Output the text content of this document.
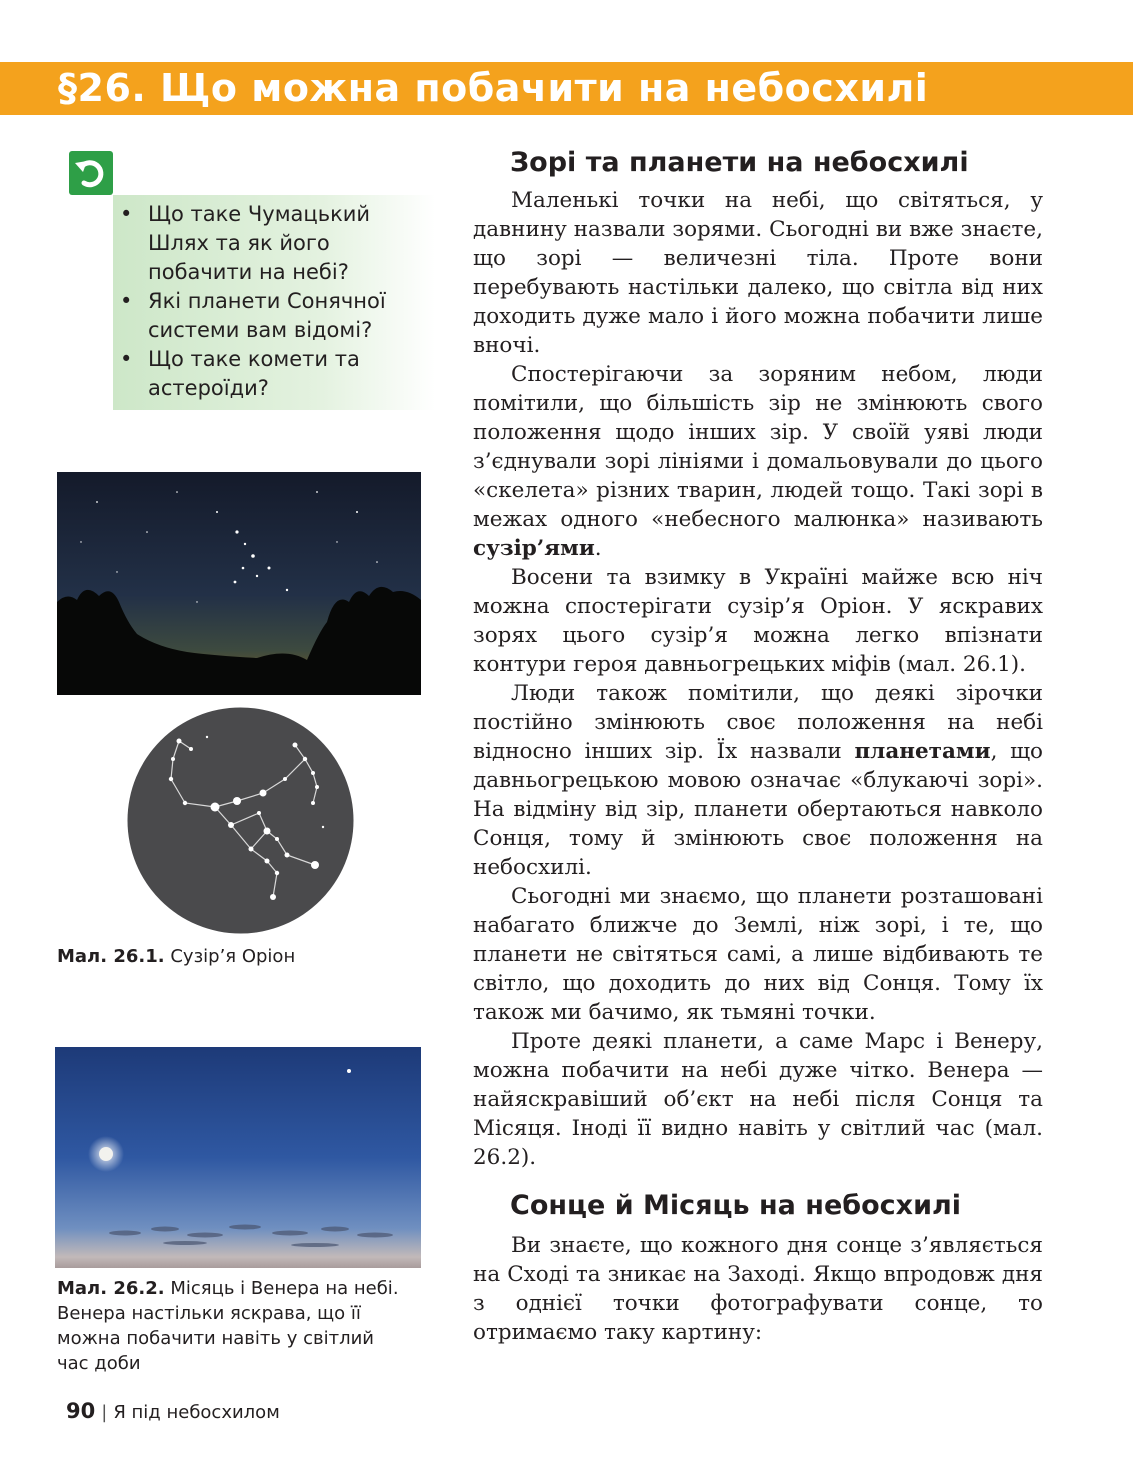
§26. Що можна побачити на небосхилі
• Що таке Чумацький Шлях та як його побачити на небі?
• Які планети Сонячної системи вам відомі?
• Що таке комети та астероїди?
Мал. 26.1. Сузір’я Оріон
Мал. 26.2. Місяць і Венера на небі. Венера настільки яскрава, що її можна побачити навіть у світлий час доби
Зорі та планети на небосхилі

Маленькі точки на небі, що світяться, у давнину назвали зорями. Сьогодні ви вже знаєте, що зорі — величезні тіла. Проте вони перебувають настільки далеко, що світла від них доходить дуже мало і його можна побачити лише вночі.

Спостерігаючи за зоряним небом, люди помітили, що більшість зір не змінюють свого положення щодо інших зір. У своїй уяві люди з’єднували зорі лініями і домальовували до цього «скелета» різних тварин, людей тощо. Такі зорі в межах одного «небесного малюнка» називають сузір’ями.

Восени та взимку в Україні майже всю ніч можна спостерігати сузір’я Оріон. У яскравих зорях цього сузір’я можна легко впізнати контури героя давньогрецьких міфів (мал. 26.1).

Люди також помітили, що деякі зірочки постійно змінюють своє положення на небі відносно інших зір. Їх назвали планетами, що давньогрецькою мовою означає «блукаючі зорі». На відміну від зір, планети обертаються навколо Сонця, тому й змінюють своє положення на небосхилі.

Сьогодні ми знаємо, що планети розташовані набагато ближче до Землі, ніж зорі, і те, що планети не світяться самі, а лише відбивають те світло, що доходить до них від Сонця. Тому їх також ми бачимо, як тьмяні точки.

Проте деякі планети, а саме Марс і Венеру, можна побачити на небі дуже чітко. Венера — найяскравіший об’єкт на небі після Сонця та Місяця. Іноді її видно навіть у світлий час (мал. 26.2).

Сонце й Місяць на небосхилі

Ви знаєте, що кожного дня сонце з’являється на Сході та зникає на Заході. Якщо впродовж дня з однієї точки фотографувати сонце, то отримаємо таку картину:

90 | Я під небосхилом
